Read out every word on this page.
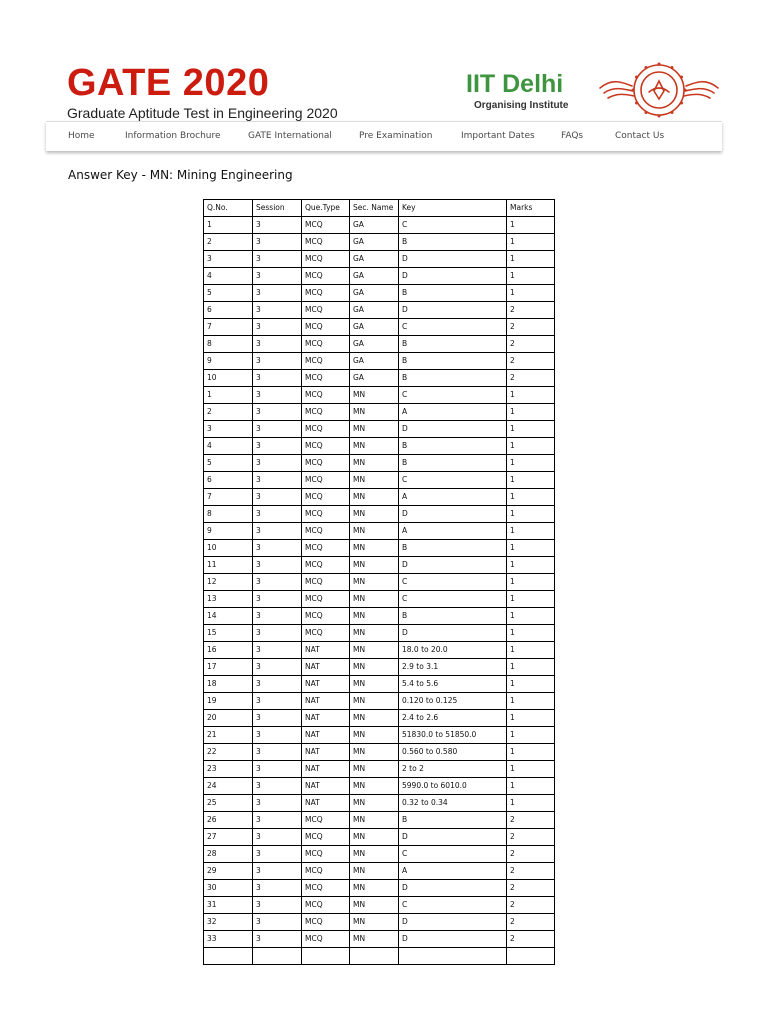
GATE 2020
Graduate Aptitude Test in Engineering 2020
IIT Delhi
Organising Institute
Home	Information Brochure	GATE International	Pre Examination	Important Dates	FAQs	Contact Us
Answer Key - MN: Mining Engineering
Q.No.	Session	Que.Type	Sec. Name	Key	Marks
1	3	MCQ	GA	C	1
2	3	MCQ	GA	B	1
3	3	MCQ	GA	D	1
4	3	MCQ	GA	D	1
5	3	MCQ	GA	B	1
6	3	MCQ	GA	D	2
7	3	MCQ	GA	C	2
8	3	MCQ	GA	B	2
9	3	MCQ	GA	B	2
10	3	MCQ	GA	B	2
1	3	MCQ	MN	C	1
2	3	MCQ	MN	A	1
3	3	MCQ	MN	D	1
4	3	MCQ	MN	B	1
5	3	MCQ	MN	B	1
6	3	MCQ	MN	C	1
7	3	MCQ	MN	A	1
8	3	MCQ	MN	D	1
9	3	MCQ	MN	A	1
10	3	MCQ	MN	B	1
11	3	MCQ	MN	D	1
12	3	MCQ	MN	C	1
13	3	MCQ	MN	C	1
14	3	MCQ	MN	B	1
15	3	MCQ	MN	D	1
16	3	NAT	MN	18.0 to 20.0	1
17	3	NAT	MN	2.9 to 3.1	1
18	3	NAT	MN	5.4 to 5.6	1
19	3	NAT	MN	0.120 to 0.125	1
20	3	NAT	MN	2.4 to 2.6	1
21	3	NAT	MN	51830.0 to 51850.0	1
22	3	NAT	MN	0.560 to 0.580	1
23	3	NAT	MN	2 to 2	1
24	3	NAT	MN	5990.0 to 6010.0	1
25	3	NAT	MN	0.32 to 0.34	1
26	3	MCQ	MN	B	2
27	3	MCQ	MN	D	2
28	3	MCQ	MN	C	2
29	3	MCQ	MN	A	2
30	3	MCQ	MN	D	2
31	3	MCQ	MN	C	2
32	3	MCQ	MN	D	2
33	3	MCQ	MN	D	2
